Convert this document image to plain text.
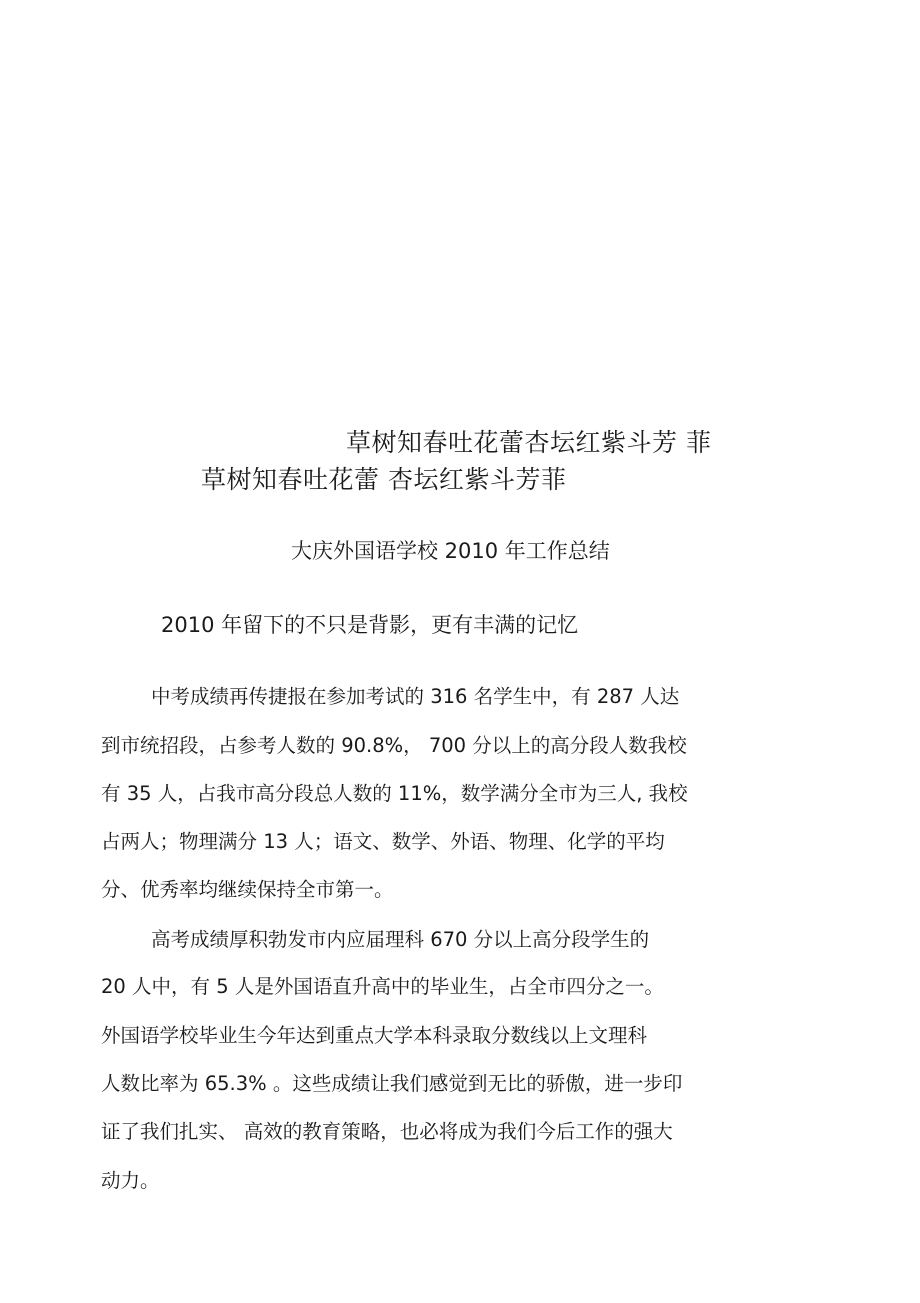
草树知春吐花蕾杏坛红紫斗芳 菲
草树知春吐花蕾 杏坛红紫斗芳菲
大庆外国语学校 2010 年工作总结
2010 年留下的不只是背影，更有丰满的记忆
中考成绩再传捷报在参加考试的 316 名学生中，有 287 人达
到市统招段，占参考人数的 90.8%， 700 分以上的高分段人数我校
有 35 人，占我市高分段总人数的 11%，数学满分全市为三人, 我校
占两人；物理满分 13 人；语文、数学、外语、物理、化学的平均
分、优秀率均继续保持全市第一。
高考成绩厚积勃发市内应届理科 670 分以上高分段学生的
20 人中，有 5 人是外国语直升高中的毕业生，占全市四分之一。
外国语学校毕业生今年达到重点大学本科录取分数线以上文理科
人数比率为 65.3% 。这些成绩让我们感觉到无比的骄傲，进一步印
证了我们扎实、 高效的教育策略，也必将成为我们今后工作的强大
动力。
